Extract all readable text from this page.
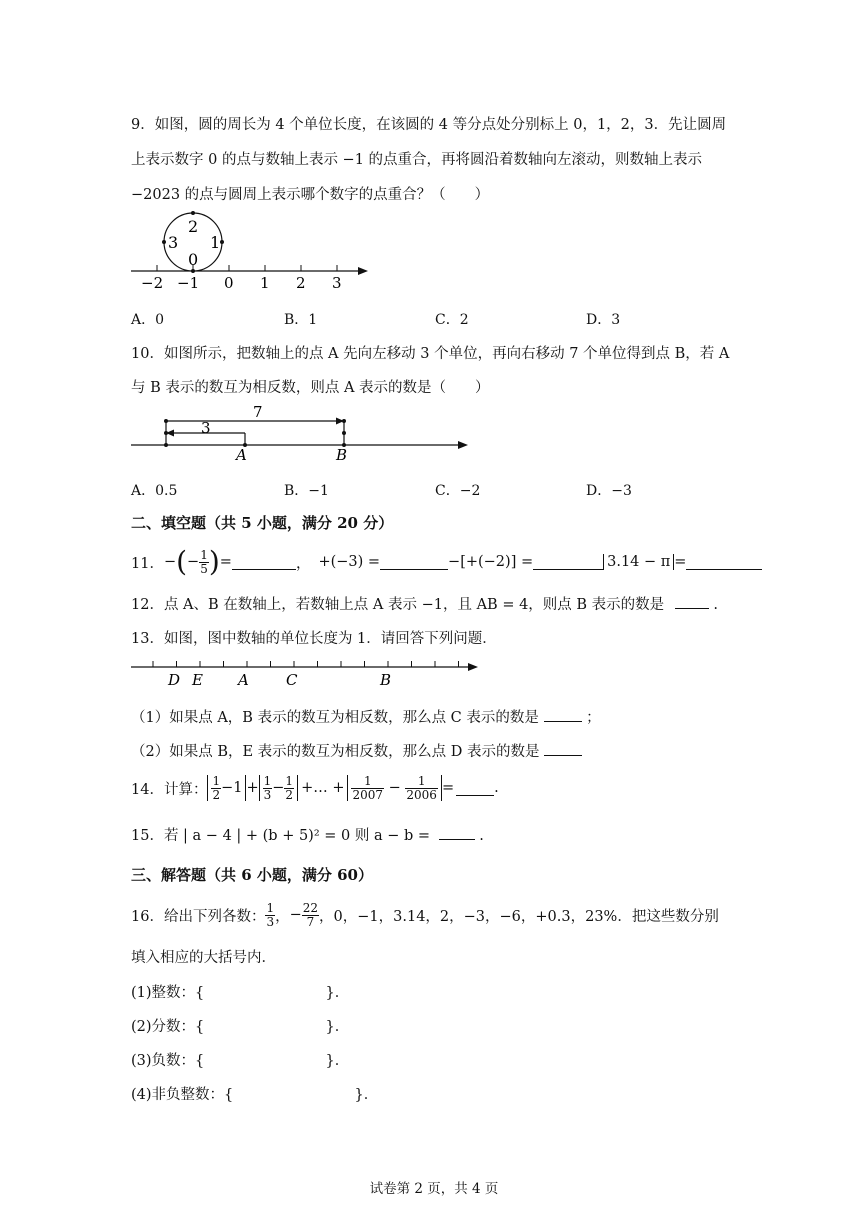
9．如图，圆的周长为 4 个单位长度，在该圆的 4 等分点处分别标上 0，1，2，3．先让圆周
上表示数字 0 的点与数轴上表示 −1 的点重合，再将圆沿着数轴向左滚动，则数轴上表示
−2023 的点与圆周上表示哪个数字的点重合？（　　）
2
3 1
0
−2 −1 0 1 2 3
A．0	B．1	C．2	D．3
10．如图所示，把数轴上的点 A 先向左移动 3 个单位，再向右移动 7 个单位得到点 B，若 A
与 B 表示的数互为相反数，则点 A 表示的数是（　　）
7
3
A	B
A．0.5	B．−1	C．−2	D．−3
二、填空题（共 5 小题，满分 20 分）
11． − ( − $\frac{1}{5}$ ) =	， +(−3) =	−[+(−2)] =	3.14 − π =
12．点 A、B 在数轴上，若数轴上点 A 表示 −1，且 AB = 4，则点 B 表示的数是	.
13．如图，图中数轴的单位长度为 1．请回答下列问题．
D E A C	B
（1）如果点 A，B 表示的数互为相反数，那么点 C 表示的数是	；
（2）如果点 B，E 表示的数互为相反数，那么点 D 表示的数是
14．计算： $\frac{1}{2} -1 + \frac{1}{3} - \frac{1}{2}$ +… + $\frac{1}{2007} - \frac{1}{2006}$ =	.
15．若 | a − 4 | + (b + 5)² = 0 则 a − b =	.
三、解答题（共 6 小题，满分 60）
16．给出下列各数： $\frac{1}{3}$ ， − $\frac{22}{7}$ ，0，−1，3.14，2，−3，−6，+0.3，23%．把这些数分别
填入相应的大括号内．
(1)整数：{	}．
(2)分数：{	}．
(3)负数：{	}．
(4)非负整数：{	}．
试卷第 2 页，共 4 页
